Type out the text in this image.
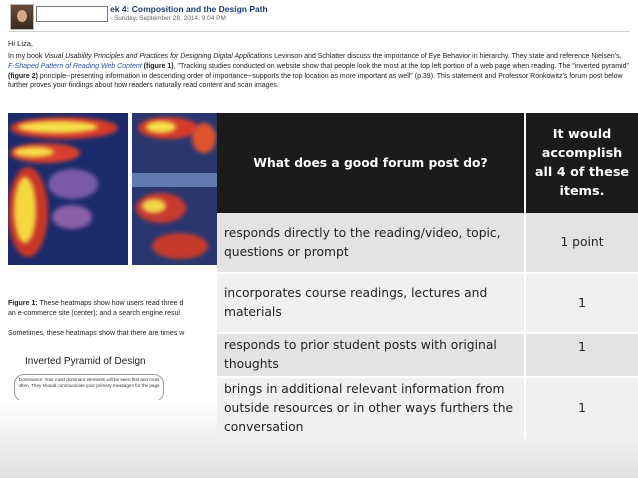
ek 4: Composition and the Design Path
- Sunday, September 28, 2014, 9:04 PM
Hi Liza,
In my book Visual Usability Principles and Practices for Designing Digital Applications Levinson and Schlatter discuss the importance of Eye Behavior in hierarchy. They state and reference Nielsen's, F-Shaped Pattern of Reading Web Content (figure 1), "Tracking studies conducted on website show that people look the most at the top left portion of a web page when reading. The "inverted pyramid" (figure 2) principle--presenting information in descending order of importance--supports the top location as more important as well" (p.39). This statement and Professor Ronkowitz's forum post below further proves your findings about how readers naturally read content and scan images.
Figure 1: These heatmaps show how users read three d
an e-commerce site (center); and a search engine resul
Sometimes, these heatmaps show that there are times w
Inverted Pyramid of Design
Dominance: Your most dominant elements will be seen first and most often. They should communicate your primary messages for the page
What does a good forum post do?	It would accomplish all 4 of these items.
responds directly to the reading/video, topic, questions or prompt	1 point
incorporates course readings, lectures and materials	1
responds to prior student posts with original thoughts	1
brings in additional relevant information from outside resources or in other ways furthers the conversation	1
